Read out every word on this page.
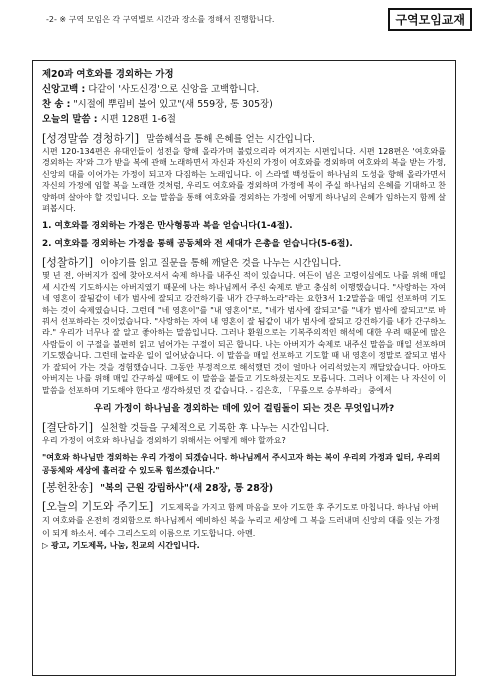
-2- ※ 구역 모임은 각 구역별로 시간과 장소를 정해서 진행합니다.	구역모임교재
제20과 여호와를 경외하는 가정
신앙고백 : 다같이 '사도신경'으로 신앙을 고백합니다.
찬 송 : "시절에 뿌림비 불어 있고"(새 559장, 통 305장)
오늘의 말씀 : 시편 128편 1-6절
[성경말씀 경청하기] 말씀해석을 통해 은혜를 얻는 시간입니다.

시편 120-134편은 유대인들이 성전을 향해 올라가며 불렀으리라 여겨지는 시편입니다. 시편 128편은 '여호와를 경외하는 자'와 그가 받을 복에 관해 노래하면서 자신과 자신의 가정이 여호와를 경외하며 여호와의 복을 받는 가정, 신앙의 대를 이어가는 가정이 되고자 다짐하는 노래입니다. 이 스라엘 백성들이 하나님의 도성을 향해 올라가면서 자신의 가정에 임할 복을 노래한 것처럼, 우리도 여호와를 경외하며 가정에 복이 주실 하나님의 은혜를 기대하고 찬양하며 살아야 할 것입니다. 오늘 말씀을 통해 여호와를 경외하는 가정에 어떻게 하나님의 은혜가 임하는지 함께 살펴봅시다.

1. 여호와를 경외하는 가정은 만사형통과 복을 얻습니다(1-4절).
2. 여호와를 경외하는 가정을 통해 공동체와 전 세대가 은총을 얻습니다(5-6절).
[성찰하기] 이야기를 읽고 질문을 통해 깨달은 것을 나누는 시간입니다.

몇 년 전, 아버지가 집에 찾아오셔서 숙제 하나를 내주신 적이 있습니다. 여든이 넘은 고령이심에도 나를 위해 매일 세 시간씩 기도하시는 아버지였기 때문에 나는 하나님께서 주신 숙제로 받고 충심히 이행했습니다. "사랑하는 자여 네 영혼이 잘됨같이 네가 범사에 잘되고 강건하기를 내가 간구하노라"라는 요한3서 1:2말씀을 매일 선포하며 기도하는 것이 숙제였습니다. 그런데 "네 영혼이"를 "내 영혼이"로, "네가 범사에 잘되고"를 "내가 범사에 잘되고"로 바꿔서 선포하라는 것이었습니다. "사랑하는 자여 내 영혼이 잘 됨같이 내가 범사에 잘되고 강건하기를 내가 간구하노라." 우리가 너무나 잘 알고 좋아하는 말씀입니다. 그러나 환원으로는 기복주의적인 해석에 대한 우려 때문에 많은 사람들이 이 구절을 불편히 읽고 넘어가는 구절이 되곤 합니다. 나는 아버지가 숙제로 내주신 말씀을 매일 선포하며 기도했습니다. 그런데 놀라운 일이 일어났습니다. 이 말씀을 매일 선포하고 기도할 때 내 영혼이 정말로 잘되고 범사가 잘되어 가는 것을 경험했습니다. 그동안 부정적으로 해석했던 것이 얼마나 어리석었는지 깨달았습니다. 아마도 아버지는 나를 위해 매일 간구하실 때에도 이 말씀을 붙들고 기도하셨는지도 모릅니다. 그러나 이제는 나 자신이 이 말씀을 선포하며 기도해야 한다고 생각하셨던 것 같습니다. - 김은호, 「무릎으로 승부하라」 중에서

우리 가정이 하나님을 경외하는 데에 있어 걸림돌이 되는 것은 무엇입니까?
[결단하기] 실천할 것들을 구체적으로 기록한 후 나누는 시간입니다.

우리 가정이 여호와 하나님을 경외하기 위해서는 어떻게 해야 할까요?

"여호와 하나님만 경외하는 우리 가정이 되겠습니다. 하나님께서 주시고자 하는 복이 우리의 가정과 일터, 우리의 공동체와 세상에 흘러갈 수 있도록 힘쓰겠습니다."
[봉헌찬송] "복의 근원 강림하사"(새 28장, 통 28장)
[오늘의 기도와 주기도] 기도제목을 가지고 함께 마음을 모아 기도한 후 주기도로 마칩니다. 하나님 아버지 여호와를 온전히 경외함으로 하나님께서 예비하신 복을 누리고 세상에 그 복을 드러내며 신앙의 대를 잇는 가정이 되게 하소서. 예수 그리스도의 이름으로 기도합니다. 아멘.
▷ 광고, 기도제목, 나눔, 친교의 시간입니다.
